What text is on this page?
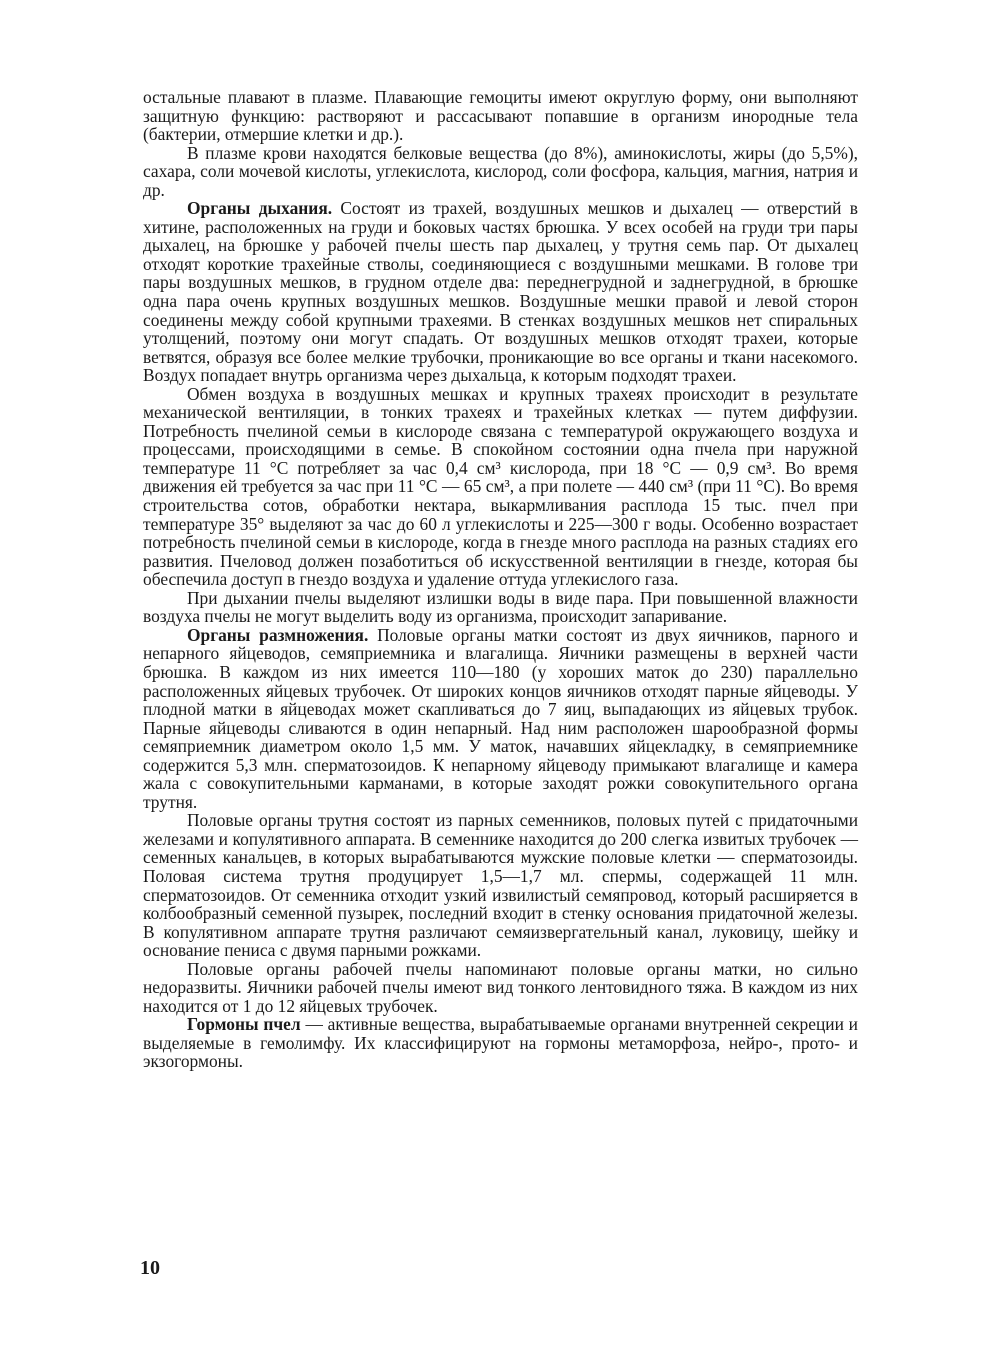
остальные плавают в плазме. Плавающие гемоциты имеют округлую форму, они выполняют защитную функцию: растворяют и рассасывают попавшие в организм инородные тела (бактерии, отмершие клетки и др.).

В плазме крови находятся белковые вещества (до 8%), аминокислоты, жиры (до 5,5%), сахара, соли мочевой кислоты, углекислота, кислород, соли фосфора, кальция, магния, натрия и др.

Органы дыхания. Состоят из трахей, воздушных мешков и дыхалец — отверстий в хитине, расположенных на груди и боковых частях брюшка. У всех особей на груди три пары дыхалец, на брюшке у рабочей пчелы шесть пар дыхалец, у трутня семь пар. От дыхалец отходят короткие трахейные стволы, соединяющиеся с воздушными мешками. В голове три пары воздушных мешков, в грудном отделе два: переднегрудной и заднегрудной, в брюшке одна пара очень крупных воздушных мешков. Воздушные мешки правой и левой сторон соединены между собой крупными трахеями. В стенках воздушных мешков нет спиральных утолщений, поэтому они могут спадать. От воздушных мешков отходят трахеи, которые ветвятся, образуя все более мелкие трубочки, проникающие во все органы и ткани насекомого. Воздух попадает внутрь организма через дыхальца, к которым подходят трахеи.

Обмен воздуха в воздушных мешках и крупных трахеях происходит в результате механической вентиляции, в тонких трахеях и трахейных клетках — путем диффузии. Потребность пчелиной семьи в кислороде связана с температурой окружающего воздуха и процессами, происходящими в семье. В спокойном состоянии одна пчела при наружной температуре 11 °С потребляет за час 0,4 см³ кислорода, при 18 °С — 0,9 см³. Во время движения ей требуется за час при 11 °С — 65 см³, а при полете — 440 см³ (при 11 °С). Во время строительства сотов, обработки нектара, выкармливания расплода 15 тыс. пчел при температуре 35° выделяют за час до 60 л углекислоты и 225—300 г воды. Особенно возрастает потребность пчелиной семьи в кислороде, когда в гнезде много расплода на разных стадиях его развития. Пчеловод должен позаботиться об искусственной вентиляции в гнезде, которая бы обеспечила доступ в гнездо воздуха и удаление оттуда углекислого газа.

При дыхании пчелы выделяют излишки воды в виде пара. При повышенной влажности воздуха пчелы не могут выделить воду из организма, происходит запаривание.

Органы размножения. Половые органы матки состоят из двух яичников, парного и непарного яйцеводов, семяприемника и влагалища. Яичники размещены в верхней части брюшка. В каждом из них имеется 110—180 (у хороших маток до 230) параллельно расположенных яйцевых трубочек. От широких концов яичников отходят парные яйцеводы. У плодной матки в яйцеводах может скапливаться до 7 яиц, выпадающих из яйцевых трубок. Парные яйцеводы сливаются в один непарный. Над ним расположен шарообразной формы семяприемник диаметром около 1,5 мм. У маток, начавших яйцекладку, в семяприемнике содержится 5,3 млн. сперматозоидов. К непарному яйцеводу примыкают влагалище и камера жала с совокупительными карманами, в которые заходят рожки совокупительного органа трутня.

Половые органы трутня состоят из парных семенников, половых путей с придаточными железами и копулятивного аппарата. В семеннике находится до 200 слегка извитых трубочек — семенных канальцев, в которых вырабатываются мужские половые клетки — сперматозоиды. Половая система трутня продуцирует 1,5—1,7 мл. спермы, содержащей 11 млн. сперматозоидов. От семенника отходит узкий извилистый семяпровод, который расширяется в колбообразный семенной пузырек, последний входит в стенку основания придаточной железы. В копулятивном аппарате трутня различают семяизвергательный канал, луковицу, шейку и основание пениса с двумя парными рожками.

Половые органы рабочей пчелы напоминают половые органы матки, но сильно недоразвиты. Яичники рабочей пчелы имеют вид тонкого лентовидного тяжа. В каждом из них находится от 1 до 12 яйцевых трубочек.

Гормоны пчел — активные вещества, вырабатываемые органами внутренней секреции и выделяемые в гемолимфу. Их классифицируют на гормоны метаморфоза, нейро-, прото- и экзогормоны.

10
